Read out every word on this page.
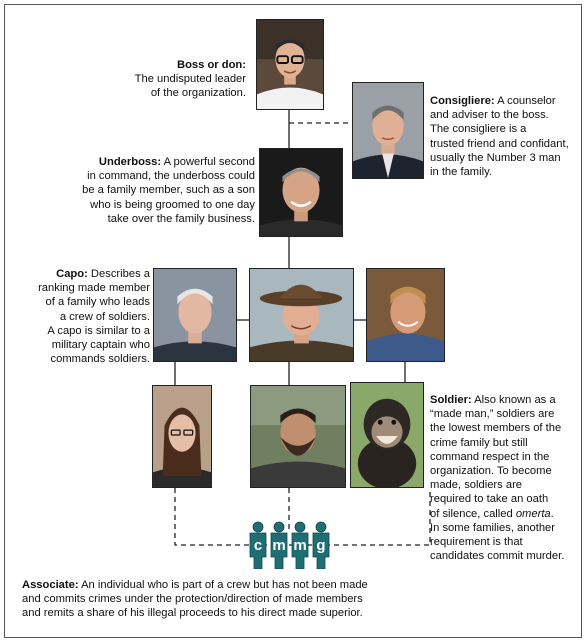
Boss or don:
The undisputed leader
of the organization.
Consigliere: A counselor
and adviser to the boss.
The consigliere is a
trusted friend and confidant,
usually the Number 3 man
in the family.
Underboss: A powerful second
in command, the underboss could
be a family member, such as a son
who is being groomed to one day
take over the family business.
Capo: Describes a
ranking made member
of a family who leads
a crew of soldiers.
A capo is similar to a
military captain who
commands soldiers.
Soldier: Also known as a
“made man,” soldiers are
the lowest members of the
crime family but still
command respect in the
organization. To become
made, soldiers are
required to take an oath
of silence, called omerta.
In some families, another
requirement is that
candidates commit murder.
c m m g
Associate: An individual who is part of a crew but has not been made
and commits crimes under the protection/direction of made members
and remits a share of his illegal proceeds to his direct made superior.
